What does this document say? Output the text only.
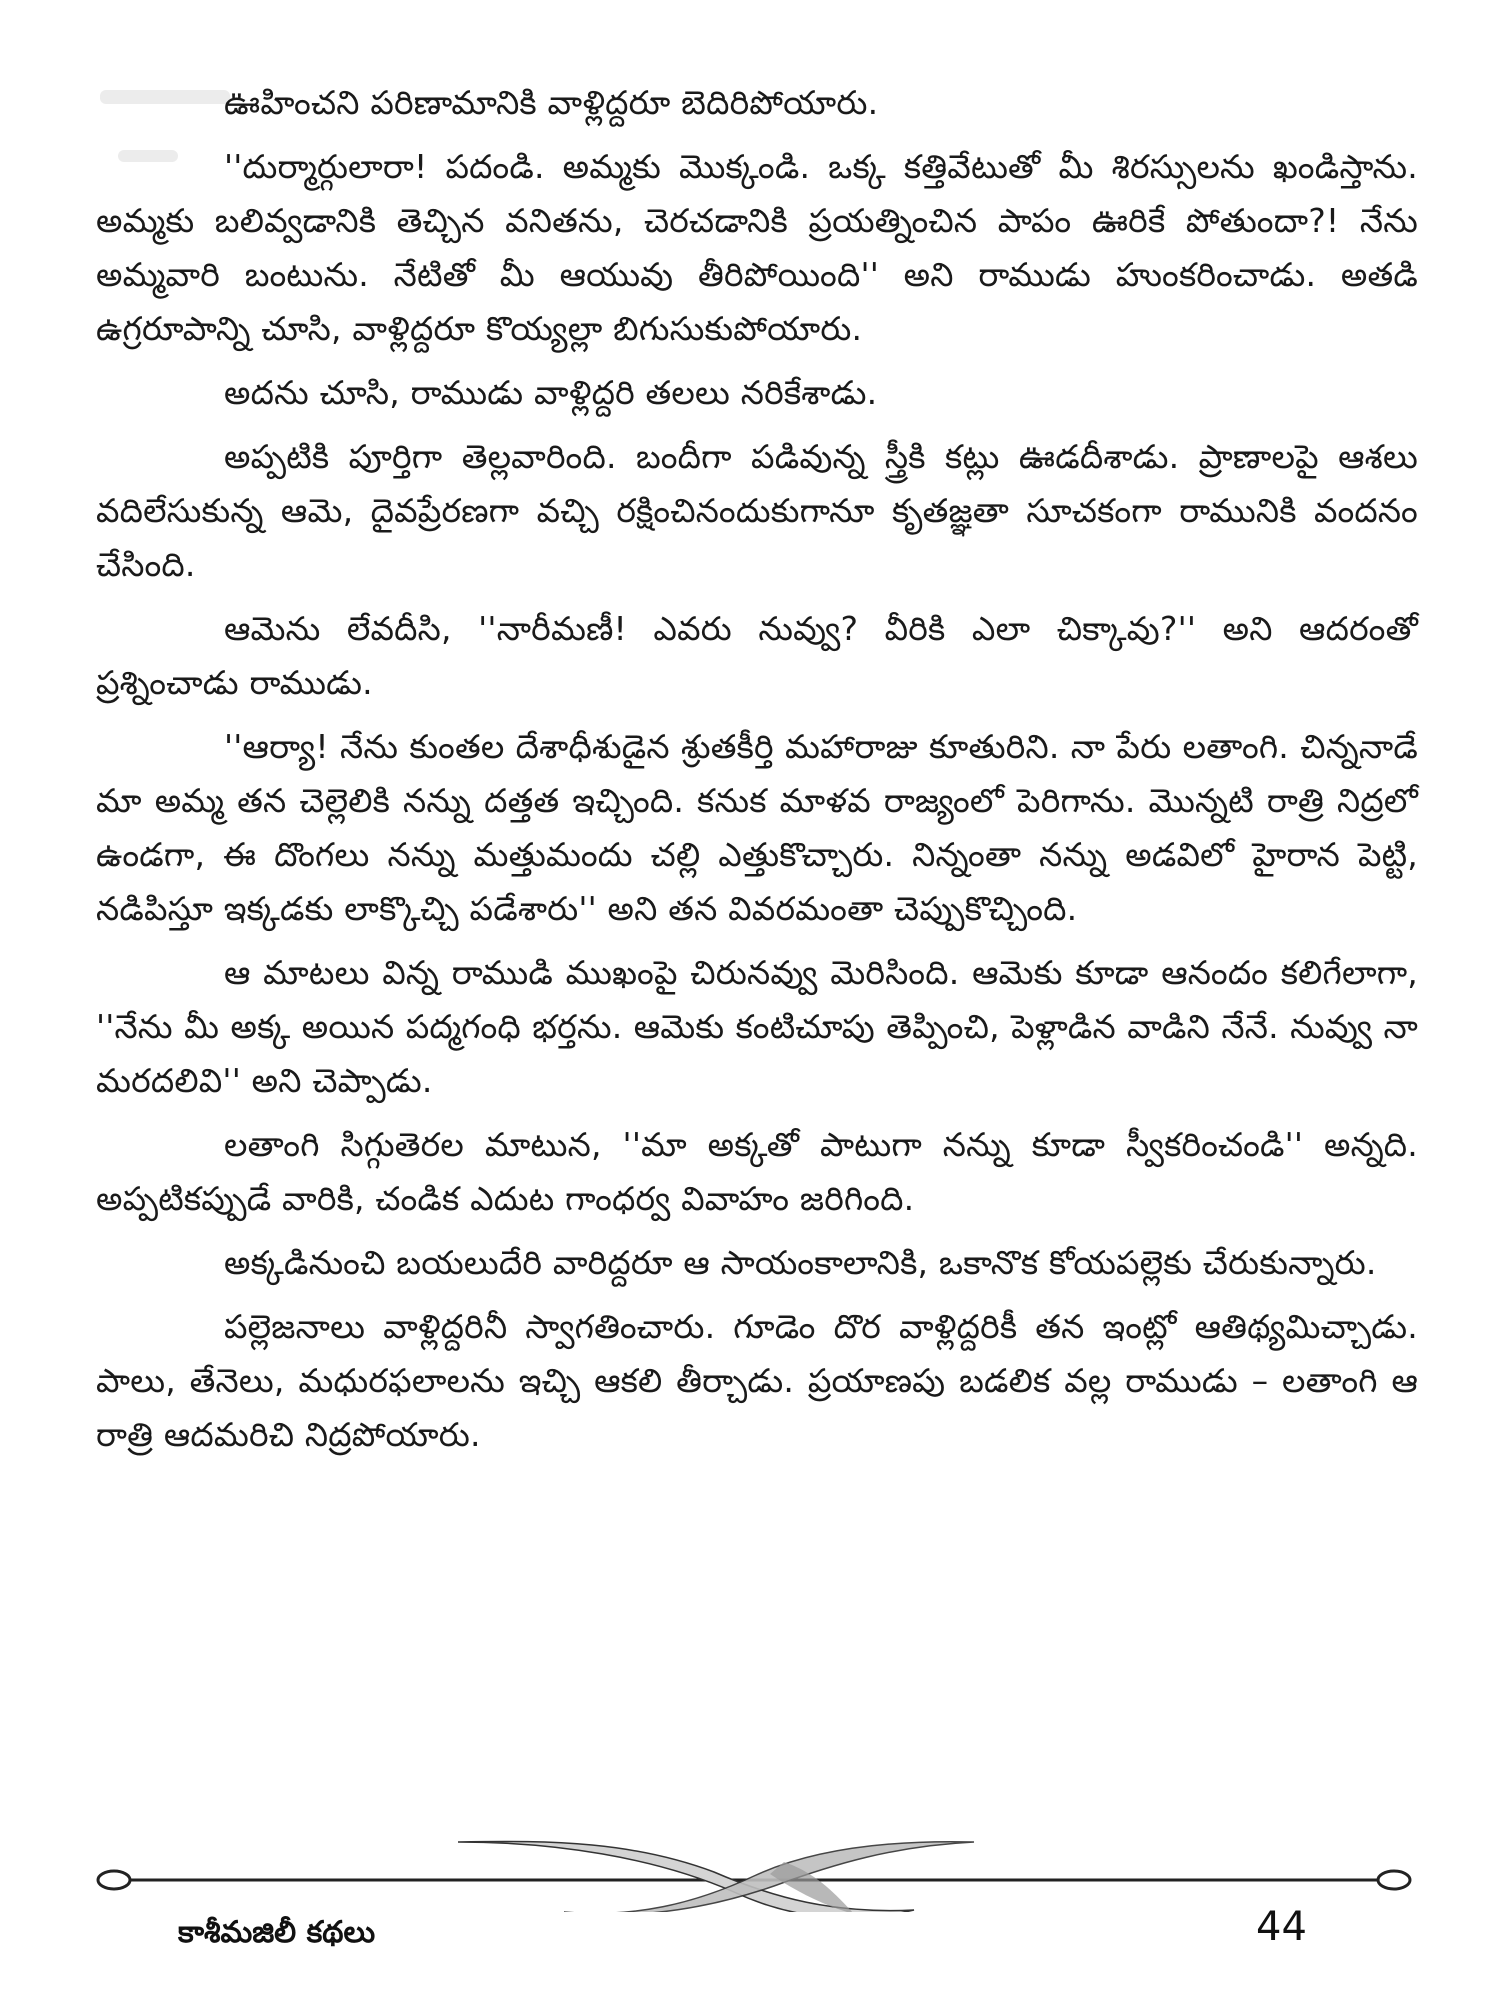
ఊహించని పరిణామానికి వాళ్లిద్దరూ బెదిరిపోయారు.

''దుర్మార్గులారా! పదండి. అమ్మకు మొక్కండి. ఒక్క కత్తివేటుతో మీ శిరస్సులను ఖండిస్తాను. అమ్మకు బలివ్వడానికి తెచ్చిన వనితను, చెరచడానికి ప్రయత్నించిన పాపం ఊరికే పోతుందా?! నేను అమ్మవారి బంటును. నేటితో మీ ఆయువు తీరిపోయింది'' అని రాముడు హుంకరించాడు. అతడి ఉగ్రరూపాన్ని చూసి, వాళ్లిద్దరూ కొయ్యల్లా బిగుసుకుపోయారు.

అదను చూసి, రాముడు వాళ్లిద్దరి తలలు నరికేశాడు.

అప్పటికి పూర్తిగా తెల్లవారింది. బందీగా పడివున్న స్త్రీకి కట్లు ఊడదీశాడు. ప్రాణాలపై ఆశలు వదిలేసుకున్న ఆమె, దైవప్రేరణగా వచ్చి రక్షించినందుకుగానూ కృతజ్ఞతా సూచకంగా రామునికి వందనం చేసింది.

ఆమెను లేవదీసి, ''నారీమణీ! ఎవరు నువ్వు? వీరికి ఎలా చిక్కావు?'' అని ఆదరంతో ప్రశ్నించాడు రాముడు.

''ఆర్యా! నేను కుంతల దేశాధీశుడైన శ్రుతకీర్తి మహారాజు కూతురిని. నా పేరు లతాంగి. చిన్ననాడే మా అమ్మ తన చెల్లెలికి నన్ను దత్తత ఇచ్చింది. కనుక మాళవ రాజ్యంలో పెరిగాను. మొన్నటి రాత్రి నిద్రలో ఉండగా, ఈ దొంగలు నన్ను మత్తుమందు చల్లి ఎత్తుకొచ్చారు. నిన్నంతా నన్ను అడవిలో హైరాన పెట్టి, నడిపిస్తూ ఇక్కడకు లాక్కొచ్చి పడేశారు'' అని తన వివరమంతా చెప్పుకొచ్చింది.

ఆ మాటలు విన్న రాముడి ముఖంపై చిరునవ్వు మెరిసింది. ఆమెకు కూడా ఆనందం కలిగేలాగా, ''నేను మీ అక్క అయిన పద్మగంధి భర్తను. ఆమెకు కంటిచూపు తెప్పించి, పెళ్లాడిన వాడిని నేనే. నువ్వు నా మరదలివి'' అని చెప్పాడు.

లతాంగి సిగ్గుతెరల మాటున, ''మా అక్కతో పాటుగా నన్ను కూడా స్వీకరించండి'' అన్నది. అప్పటికప్పుడే వారికి, చండిక ఎదుట గాంధర్వ వివాహం జరిగింది.

అక్కడినుంచి బయలుదేరి వారిద్దరూ ఆ సాయంకాలానికి, ఒకానొక కోయపల్లెకు చేరుకున్నారు.

పల్లెజనాలు వాళ్లిద్దరినీ స్వాగతించారు. గూడెం దొర వాళ్లిద్దరికీ తన ఇంట్లో ఆతిథ్యమిచ్చాడు. పాలు, తేనెలు, మధురఫలాలను ఇచ్చి ఆకలి తీర్చాడు. ప్రయాణపు బడలిక వల్ల రాముడు – లతాంగి ఆ రాత్రి ఆదమరిచి నిద్రపోయారు.

కాశీమజిలీ కథలు	44
